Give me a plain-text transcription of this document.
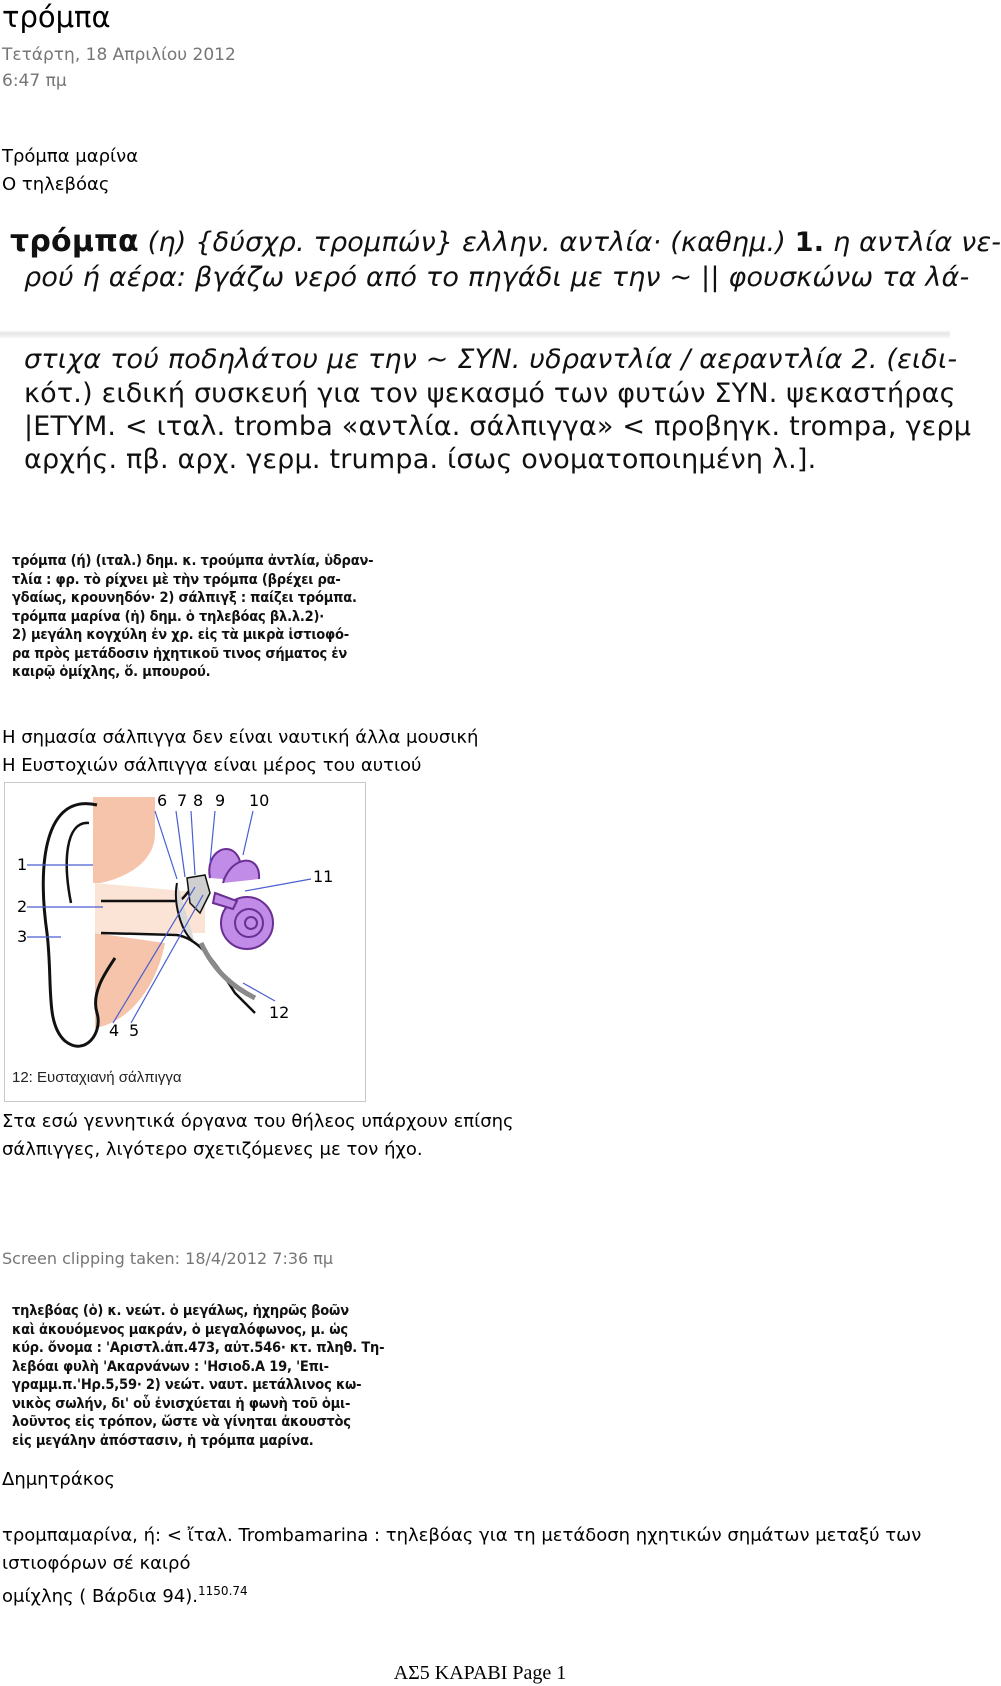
τρόμπα
Τετάρτη, 18 Απριλίου 2012
6:47 πμ
Τρόμπα μαρίνα
Ο τηλεβόας
τρόμπα (η) {δύσχρ. τρομπών} ελλην. αντλία· (καθημ.) 1. η αντλία νε-
ρού ή αέρα: βγάζω νερό από το πηγάδι με την ~ || φουσκώνω τα λά-
στιχα τού ποδηλάτου με την ~ ΣΥΝ. υδραντλία / αεραντλία 2. (ειδι-
κότ.) ειδική συσκευή για τον ψεκασμό των φυτών ΣΥΝ. ψεκαστήρας
|ΕΤΥΜ. < ιταλ. tromba «αντλία. σάλπιγγα» < προβηγκ. trompa, γερμ
αρχής. πβ. αρχ. γερμ. trumpa. ίσως ονοματοποιημένη λ.].
τρόμπα (ή) (ιταλ.) δημ. κ. τρούμπα ἀντλία, ὑδραν-
τλία : φρ. τὸ ρίχνει μὲ τὴν τρόμπα (βρέχει ρα-
γδαίως, κρουνηδόν· 2) σάλπιγξ : παίζει τρόμπα.
τρόμπα μαρίνα (ἡ) δημ. ὁ τηλεβόας βλ.λ.2)·
2) μεγάλη κογχύλη ἐν χρ. εἰς τὰ μικρὰ ἱστιοφό-
ρα πρὸς μετάδοσιν ἠχητικοῦ τινος σήματος ἐν
καιρῷ ὁμίχλης, ὅ. μπουρού.
Η σημασία σάλπιγγα δεν είναι ναυτική άλλα μουσική
Η Ευστοχιών σάλπιγγα είναι μέρος του αυτιού
1
2
3
4 5
6 7 8 9 10
11
12
12: Ευσταχιανή σάλπιγγα
Στα εσώ γεννητικά όργανα του θήλεος υπάρχουν επίσης
σάλπιγγες, λιγότερο σχετιζόμενες με τον ήχο.
Screen clipping taken: 18/4/2012 7:36 πμ
τηλεβόας (ὁ) κ. νεώτ. ὁ μεγάλως, ἠχηρῶς βοῶν
καὶ ἀκουόμενος μακράν, ὁ μεγαλόφωνος, μ. ὡς
κύρ. ὄνομα : 'Αριστλ.ἀπ.473, αὐτ.546· κτ. πληθ. Τη-
λεβόαι φυλὴ 'Ακαρνάνων : 'Ησιοδ.Α 19, 'Επι-
γραμμ.π.'Ηρ.5,59· 2) νεώτ. ναυτ. μετάλλινος κω-
νικὸς σωλήν, δι' οὗ ἐνισχύεται ἡ φωνὴ τοῦ ὁμι-
λοῦντος εἰς τρόπον, ὥστε νὰ γίνηται ἀκουστὸς
εἰς μεγάλην ἀπόστασιν, ἡ τρόμπα μαρίνα.
Δημητράκος
τρομπαμαρίνα, ή: < ἴταλ. Trombamarina : τηλεβόας για τη μετάδοση ηχητικών σημάτων μεταξύ των
ιστιοφόρων σέ καιρό
ομίχλης ( Βάρδια 94).$^{1150.74}$
ΑΣ5 ΚΑΡΑΒΙ Page 1
